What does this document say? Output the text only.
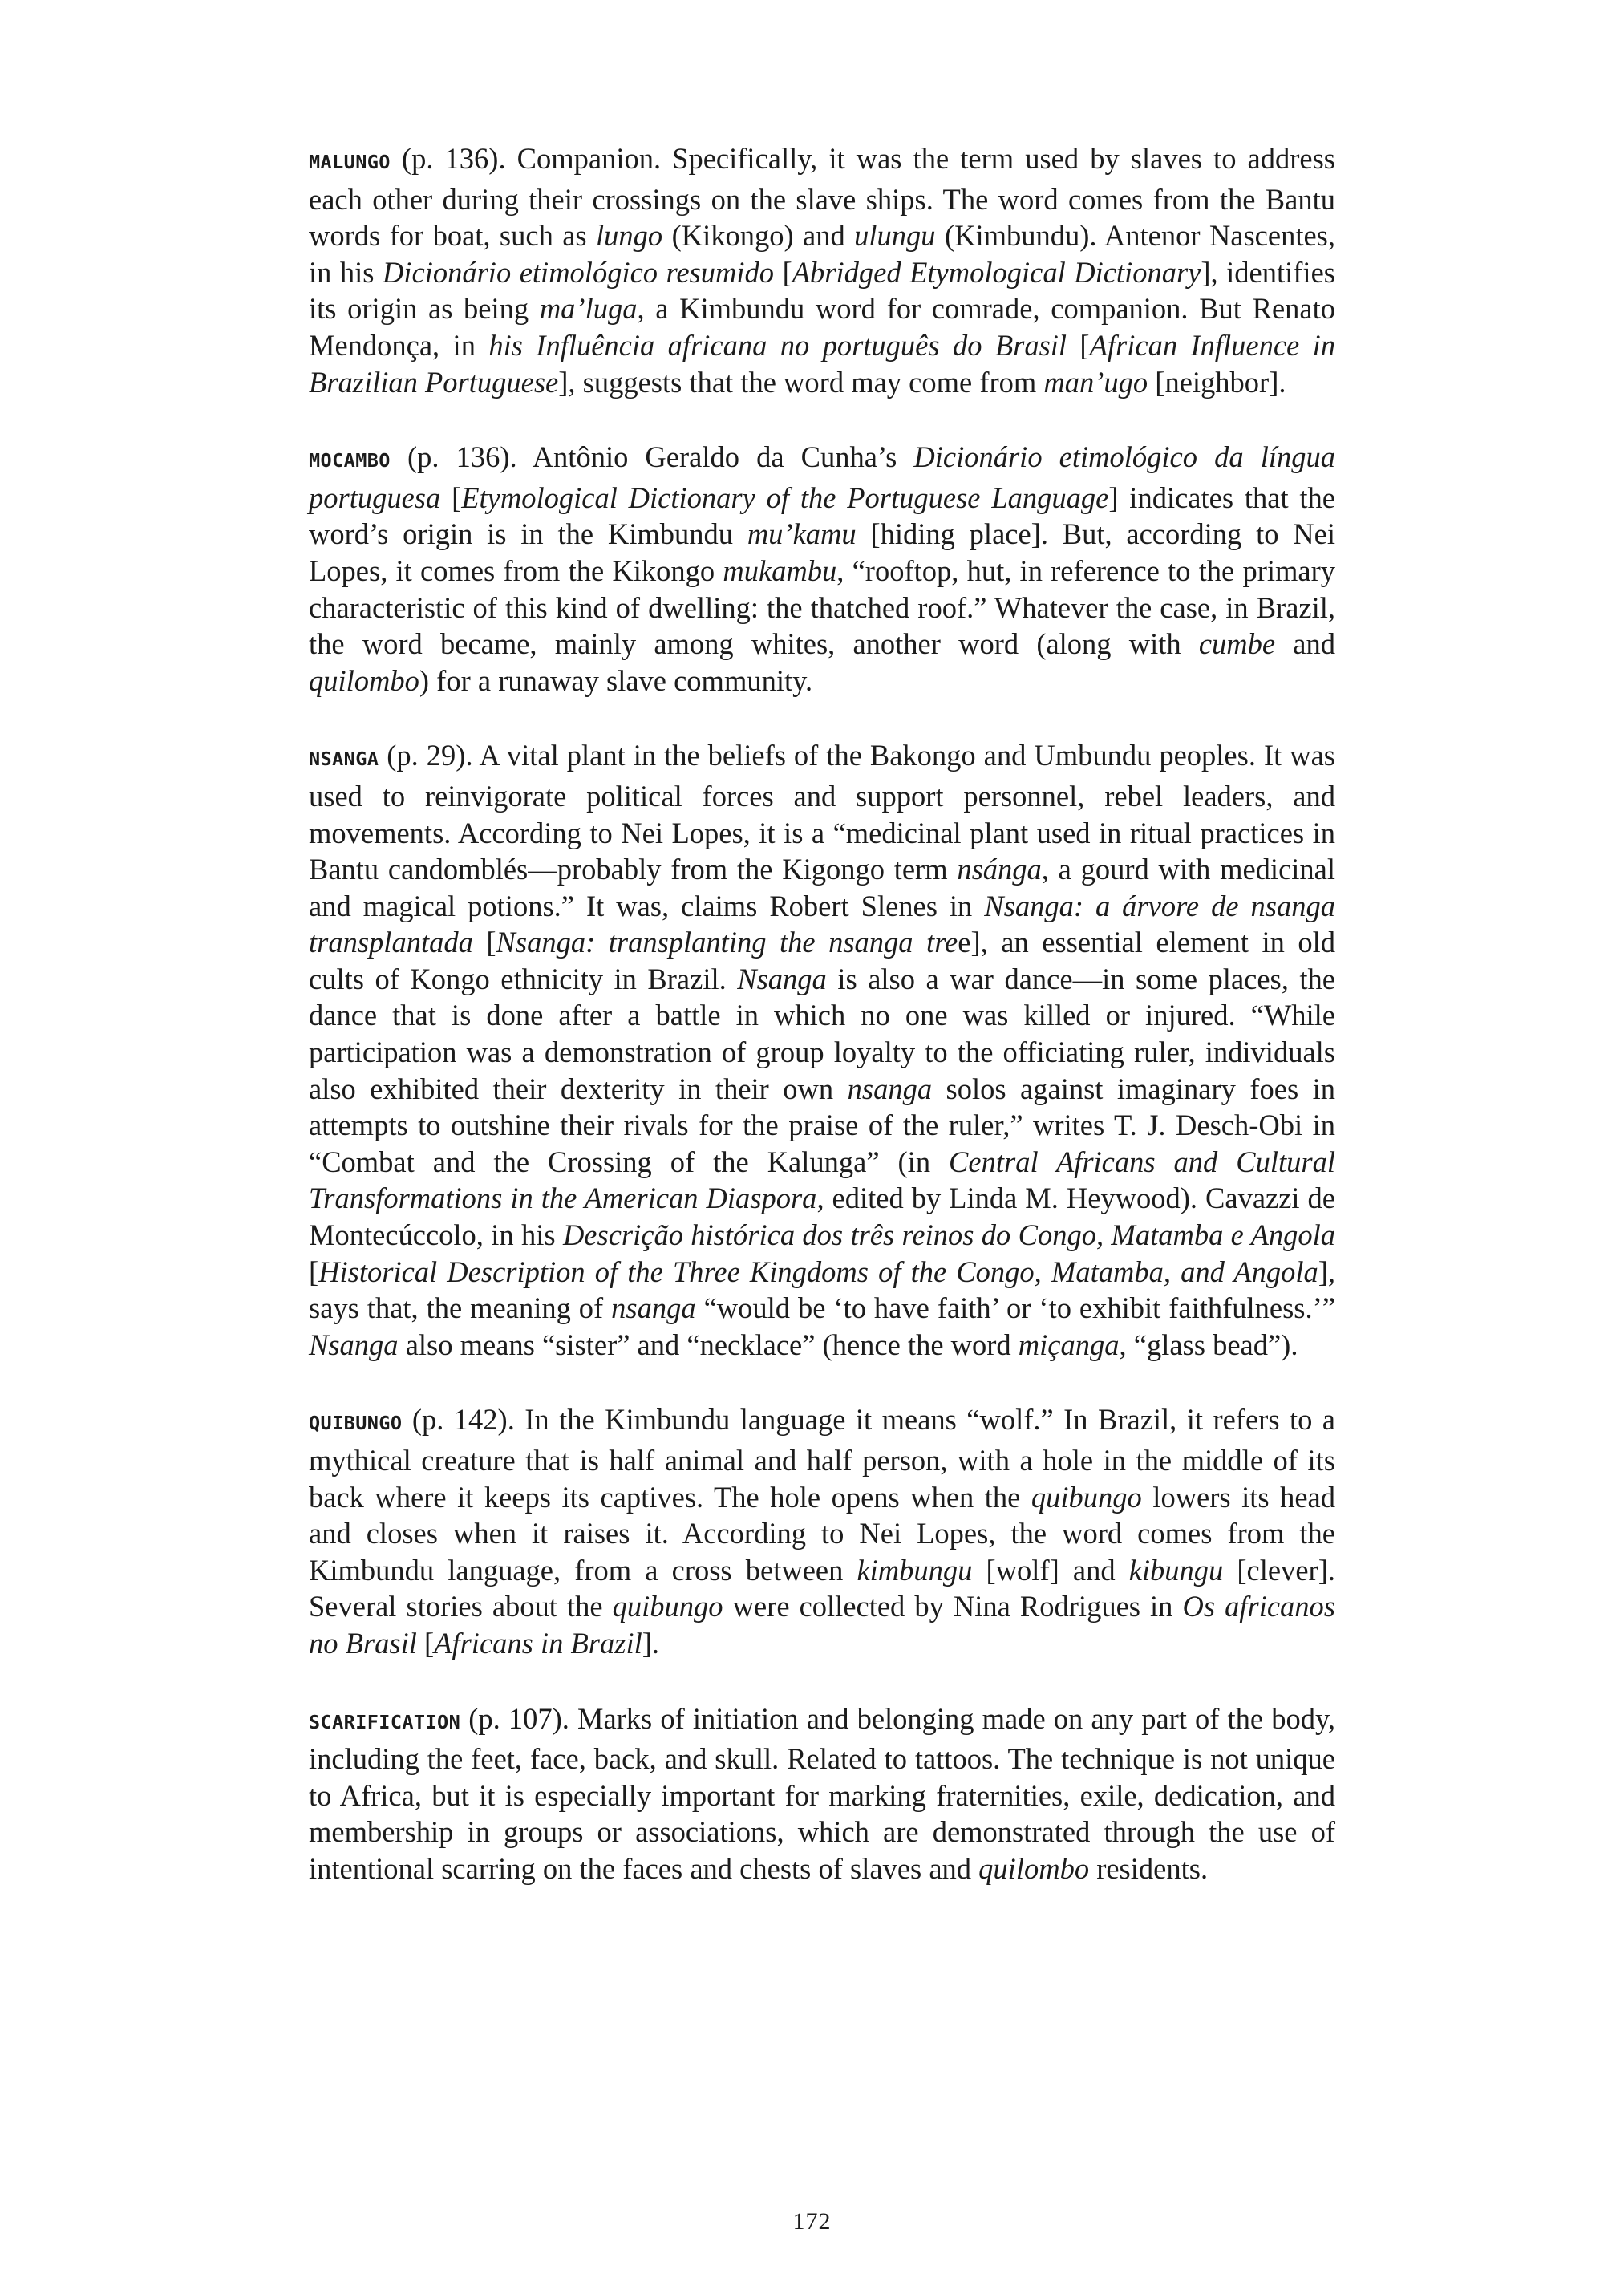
MALUNGO (p. 136). Companion. Specifically, it was the term used by slaves to address each other during their crossings on the slave ships. The word comes from the Bantu words for boat, such as lungo (Kikongo) and ulungu (Kimbundu). Antenor Nascentes, in his Dicionário etimológico resumido [Abridged Etymological Dictionary], identifies its origin as being ma’luga, a Kimbundu word for comrade, companion. But Renato Mendonça, in his Influência africana no português do Brasil [African Influence in Brazilian Portuguese], suggests that the word may come from man’ugo [neighbor].

MOCAMBO (p. 136). Antônio Geraldo da Cunha’s Dicionário etimológico da língua portuguesa [Etymological Dictionary of the Portuguese Language] indicates that the word’s origin is in the Kimbundu mu’kamu [hiding place]. But, according to Nei Lopes, it comes from the Kikongo mukambu, “rooftop, hut, in reference to the primary characteristic of this kind of dwelling: the thatched roof.” Whatever the case, in Brazil, the word became, mainly among whites, another word (along with cumbe and quilombo) for a runaway slave community.

NSANGA (p. 29). A vital plant in the beliefs of the Bakongo and Umbundu peoples. It was used to reinvigorate political forces and support personnel, rebel leaders, and movements. According to Nei Lopes, it is a “medicinal plant used in ritual practices in Bantu candomblés—probably from the Kigongo term nsánga, a gourd with medicinal and magical potions.” It was, claims Robert Slenes in Nsanga: a árvore de nsanga transplantada [Nsanga: transplanting the nsanga tree], an essential element in old cults of Kongo ethnicity in Brazil. Nsanga is also a war dance—in some places, the dance that is done after a battle in which no one was killed or injured. “While participation was a demonstration of group loyalty to the officiating ruler, individuals also exhibited their dexterity in their own nsanga solos against imaginary foes in attempts to outshine their rivals for the praise of the ruler,” writes T. J. Desch-Obi in “Combat and the Crossing of the Kalunga” (in Central Africans and Cultural Transformations in the American Diaspora, edited by Linda M. Heywood). Cavazzi de Montecúccolo, in his Descrição histórica dos três reinos do Congo, Matamba e Angola [Historical Description of the Three Kingdoms of the Congo, Matamba, and Angola], says that, the meaning of nsanga “would be ‘to have faith’ or ‘to exhibit faithfulness.’” Nsanga also means “sister” and “necklace” (hence the word miçanga, “glass bead”).

QUIBUNGO (p. 142). In the Kimbundu language it means “wolf.” In Brazil, it refers to a mythical creature that is half animal and half person, with a hole in the middle of its back where it keeps its captives. The hole opens when the quibungo lowers its head and closes when it raises it. According to Nei Lopes, the word comes from the Kimbundu language, from a cross between kimbungu [wolf] and kibungu [clever]. Several stories about the quibungo were collected by Nina Rodrigues in Os africanos no Brasil [Africans in Brazil].

SCARIFICATION (p. 107). Marks of initiation and belonging made on any part of the body, including the feet, face, back, and skull. Related to tattoos. The technique is not unique to Africa, but it is especially important for marking fraternities, exile, dedication, and membership in groups or associations, which are demonstrated through the use of intentional scarring on the faces and chests of slaves and quilombo residents.

172
